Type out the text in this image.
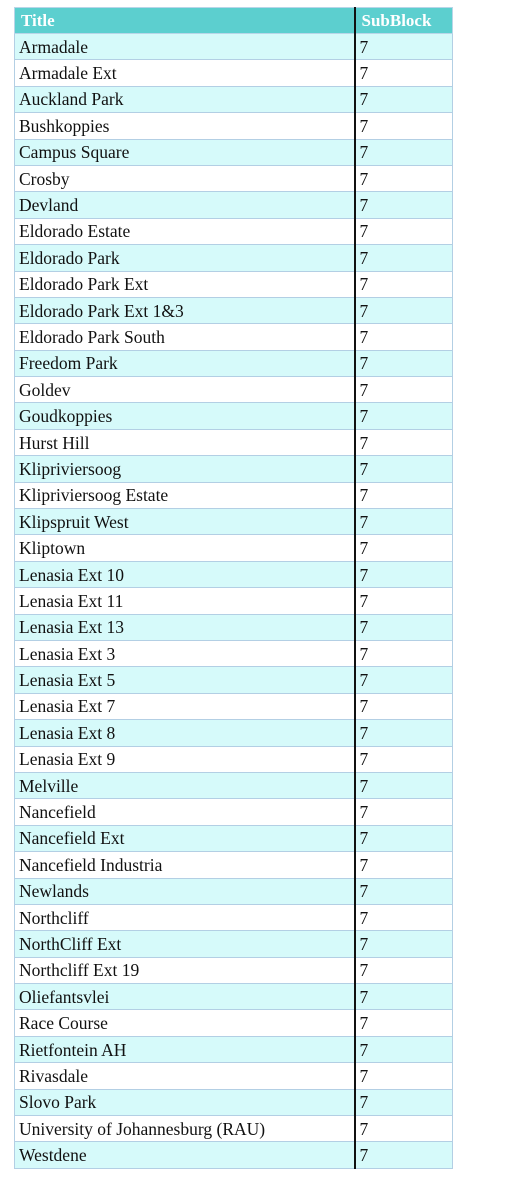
Title	SubBlock
Armadale	7
Armadale Ext	7
Auckland Park	7
Bushkoppies	7
Campus Square	7
Crosby	7
Devland	7
Eldorado Estate	7
Eldorado Park	7
Eldorado Park Ext	7
Eldorado Park Ext 1&3	7
Eldorado Park South	7
Freedom Park	7
Goldev	7
Goudkoppies	7
Hurst Hill	7
Klipriviersoog	7
Klipriviersoog Estate	7
Klipspruit West	7
Kliptown	7
Lenasia Ext 10	7
Lenasia Ext 11	7
Lenasia Ext 13	7
Lenasia Ext 3	7
Lenasia Ext 5	7
Lenasia Ext 7	7
Lenasia Ext 8	7
Lenasia Ext 9	7
Melville	7
Nancefield	7
Nancefield Ext	7
Nancefield Industria	7
Newlands	7
Northcliff	7
NorthCliff Ext	7
Northcliff Ext 19	7
Oliefantsvlei	7
Race Course	7
Rietfontein AH	7
Rivasdale	7
Slovo Park	7
University of Johannesburg (RAU)	7
Westdene	7
